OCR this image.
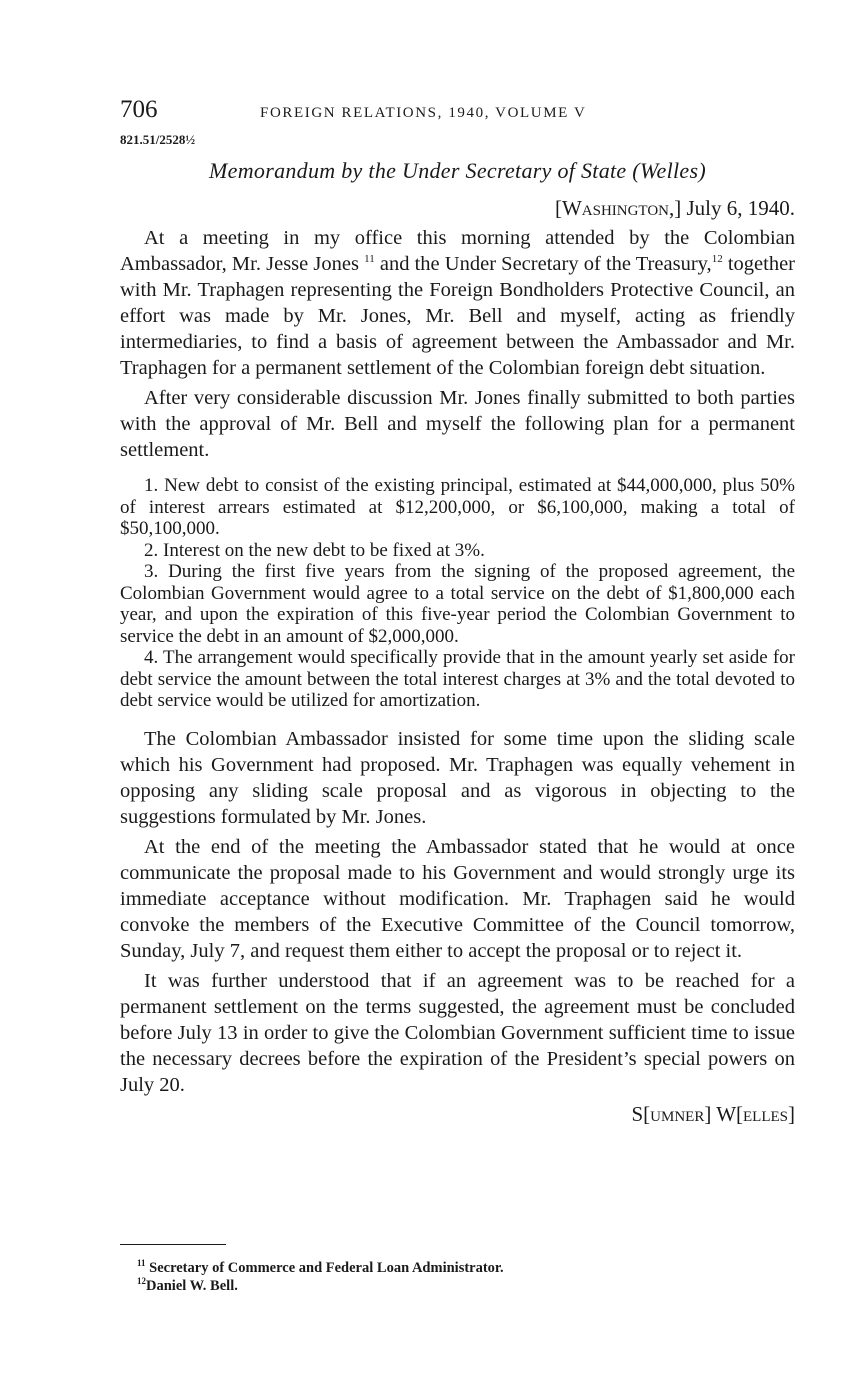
706	FOREIGN RELATIONS, 1940, VOLUME V
821.51/2528½
Memorandum by the Under Secretary of State (Welles)
[Washington,] July 6, 1940.

At a meeting in my office this morning attended by the Colombian Ambassador, Mr. Jesse Jones $^{11}$ and the Under Secretary of the Treasury,$^{12}$ together with Mr. Traphagen representing the Foreign Bondholders Protective Council, an effort was made by Mr. Jones, Mr. Bell and myself, acting as friendly intermediaries, to find a basis of agreement between the Ambassador and Mr. Traphagen for a permanent settlement of the Colombian foreign debt situation.

After very considerable discussion Mr. Jones finally submitted to both parties with the approval of Mr. Bell and myself the following plan for a permanent settlement.

1. New debt to consist of the existing principal, estimated at $44,000,000, plus 50% of interest arrears estimated at $12,200,000, or $6,100,000, making a total of $50,100,000.

2. Interest on the new debt to be fixed at 3%.

3. During the first five years from the signing of the proposed agreement, the Colombian Government would agree to a total service on the debt of $1,800,000 each year, and upon the expiration of this five-year period the Colombian Government to service the debt in an amount of $2,000,000.

4. The arrangement would specifically provide that in the amount yearly set aside for debt service the amount between the total interest charges at 3% and the total devoted to debt service would be utilized for amortization.

The Colombian Ambassador insisted for some time upon the sliding scale which his Government had proposed. Mr. Traphagen was equally vehement in opposing any sliding scale proposal and as vigorous in objecting to the suggestions formulated by Mr. Jones.

At the end of the meeting the Ambassador stated that he would at once communicate the proposal made to his Government and would strongly urge its immediate acceptance without modification. Mr. Traphagen said he would convoke the members of the Executive Committee of the Council tomorrow, Sunday, July 7, and request them either to accept the proposal or to reject it.

It was further understood that if an agreement was to be reached for a permanent settlement on the terms suggested, the agreement must be concluded before July 13 in order to give the Colombian Government sufficient time to issue the necessary decrees before the expiration of the President’s special powers on July 20.

S[umner] W[elles]
$^{11}$ Secretary of Commerce and Federal Loan Administrator.
$^{12}$Daniel W. Bell.
